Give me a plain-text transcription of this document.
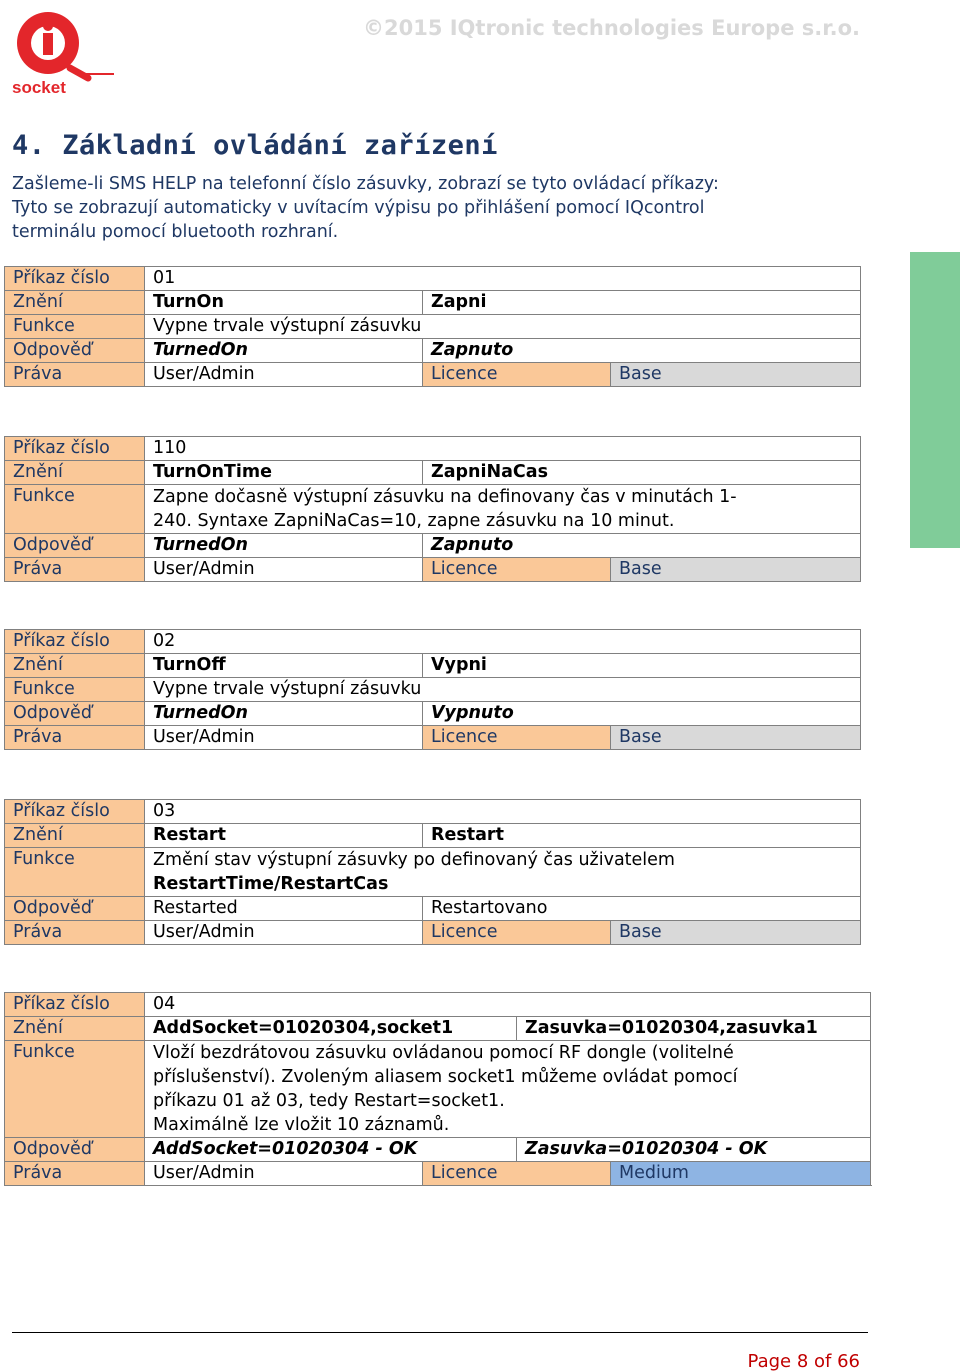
socket
©2015 IQtronic technologies Europe s.r.o.
4. Základní ovládání zařízení
Zašleme-li SMS HELP na telefonní číslo zásuvky, zobrazí se tyto ovládací příkazy:
Tyto se zobrazují automaticky v uvítacím výpisu po přihlášení pomocí IQcontrol
terminálu pomocí bluetooth rozhraní.
Příkaz číslo	01		
Znění	TurnOn	Zapni	
Funkce	Vypne trvale výstupní zásuvku		
Odpověď	TurnedOn	Zapnuto	
Práva	User/Admin	Licence	Base
Příkaz číslo	110		
Znění	TurnOnTime	ZapniNaCas	
Funkce	Zapne dočasně výstupní zásuvku na definovany čas v minutách 1-
240. Syntaxe ZapniNaCas=10, zapne zásuvku na 10 minut.		

Odpověď	TurnedOn	Zapnuto	
Práva	User/Admin	Licence	Base
Příkaz číslo	02		
Znění	TurnOff	Vypni	
Funkce	Vypne trvale výstupní zásuvku		
Odpověď	TurnedOn	Vypnuto	
Práva	User/Admin	Licence	Base
Příkaz číslo	03		
Znění	Restart	Restart	
Funkce	Změní stav výstupní zásuvky po definovaný čas uživatelem
RestartTime/RestartCas		

Odpověď	Restarted	Restartovano	
Práva	User/Admin	Licence	Base
Příkaz číslo	04			
Znění	AddSocket=01020304,socket1		Zasuvka=01020304,zasuvka1	
Funkce	Vloží bezdrátovou zásuvku ovládanou pomocí RF dongle (volitelné
příslušenství). Zvoleným aliasem socket1 můžeme ovládat pomocí
příkazu 01 až 03, tedy Restart=socket1.
Maximálně lze vložit 10 záznamů.			

Odpověď	AddSocket=01020304 - OK		Zasuvka=01020304 - OK	
Práva	User/Admin	Licence		Medium
Page 8 of 66
